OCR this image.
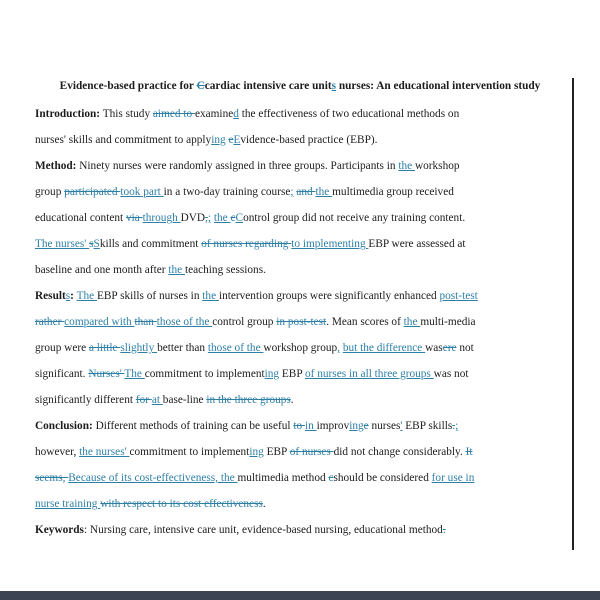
Evidence-based practice for Ccardiac intensive care units nurses: An educational intervention study
Introduction: This study aimed to examined the effectiveness of two educational methods on
nurses' skills and commitment to applying eEvidence-based practice (EBP).
Method: Ninety nurses were randomly assigned in three groups. Participants in the workshop
group participated took part in a two-day training course; and the multimedia group received
educational content via through DVD,; the cControl group did not receive any training content.
The nurses' sSkills and commitment of nurses regarding to implementing EBP were assessed at
baseline and one month after the teaching sessions.
Results: The EBP skills of nurses in the intervention groups were significantly enhanced post-test
rather compared with than those of the control group in post-test. Mean scores of the multi-media
group were a little slightly better than those of the workshop group, but the difference wasere not
significant. Nurses' The commitment to implementing EBP of nurses in all three groups was not
significantly different for at base-line in the three groups.
Conclusion: Different methods of training can be useful to in improvinge nurses' EBP skills.;
however, the nurses' commitment to implementing EBP of nurses did not change considerably. It
seems, Because of its cost-effectiveness, the multimedia method cshould be considered for use in
nurse training with respect to its cost effectiveness.
Keywords: Nursing care, intensive care unit, evidence-based nursing, educational method.
